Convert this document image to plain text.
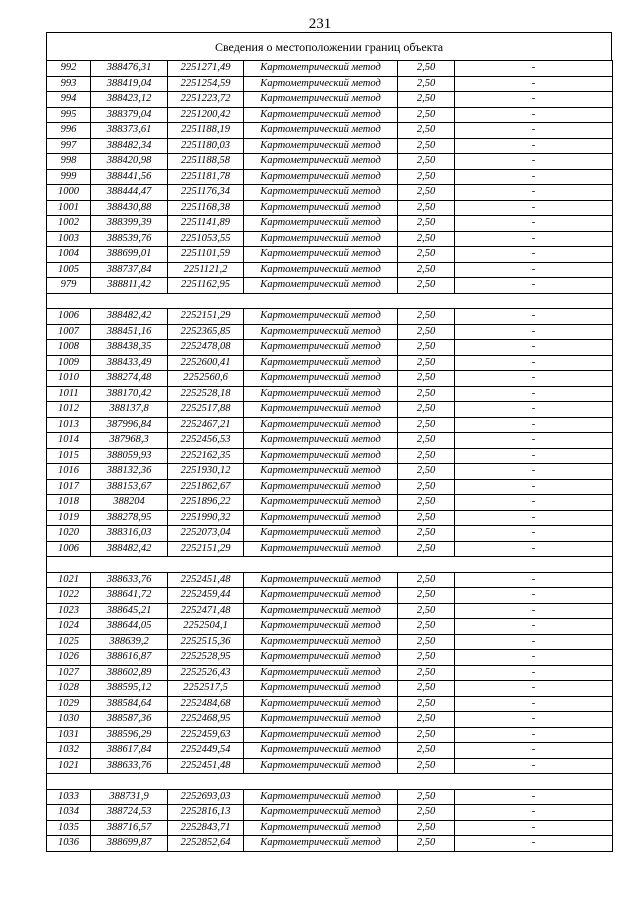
231
Сведения о местоположении границ объекта
992	388476,31	2251271,49	Картометрический метод	2,50	-
993	388419,04	2251254,59	Картометрический метод	2,50	-
994	388423,12	2251223,72	Картометрический метод	2,50	-
995	388379,04	2251200,42	Картометрический метод	2,50	-
996	388373,61	2251188,19	Картометрический метод	2,50	-
997	388482,34	2251180,03	Картометрический метод	2,50	-
998	388420,98	2251188,58	Картометрический метод	2,50	-
999	388441,56	2251181,78	Картометрический метод	2,50	-
1000	388444,47	2251176,34	Картометрический метод	2,50	-
1001	388430,88	2251168,38	Картометрический метод	2,50	-
1002	388399,39	2251141,89	Картометрический метод	2,50	-
1003	388539,76	2251053,55	Картометрический метод	2,50	-
1004	388699,01	2251101,59	Картометрический метод	2,50	-
1005	388737,84	2251121,2	Картометрический метод	2,50	-
979	388811,42	2251162,95	Картометрический метод	2,50	-

1006	388482,42	2252151,29	Картометрический метод	2,50	-
1007	388451,16	2252365,85	Картометрический метод	2,50	-
1008	388438,35	2252478,08	Картометрический метод	2,50	-
1009	388433,49	2252600,41	Картометрический метод	2,50	-
1010	388274,48	2252560,6	Картометрический метод	2,50	-
1011	388170,42	2252528,18	Картометрический метод	2,50	-
1012	388137,8	2252517,88	Картометрический метод	2,50	-
1013	387996,84	2252467,21	Картометрический метод	2,50	-
1014	387968,3	2252456,53	Картометрический метод	2,50	-
1015	388059,93	2252162,35	Картометрический метод	2,50	-
1016	388132,36	2251930,12	Картометрический метод	2,50	-
1017	388153,67	2251862,67	Картометрический метод	2,50	-
1018	388204	2251896,22	Картометрический метод	2,50	-
1019	388278,95	2251990,32	Картометрический метод	2,50	-
1020	388316,03	2252073,04	Картометрический метод	2,50	-
1006	388482,42	2252151,29	Картометрический метод	2,50	-

1021	388633,76	2252451,48	Картометрический метод	2,50	-
1022	388641,72	2252459,44	Картометрический метод	2,50	-
1023	388645,21	2252471,48	Картометрический метод	2,50	-
1024	388644,05	2252504,1	Картометрический метод	2,50	-
1025	388639,2	2252515,36	Картометрический метод	2,50	-
1026	388616,87	2252528,95	Картометрический метод	2,50	-
1027	388602,89	2252526,43	Картометрический метод	2,50	-
1028	388595,12	2252517,5	Картометрический метод	2,50	-
1029	388584,64	2252484,68	Картометрический метод	2,50	-
1030	388587,36	2252468,95	Картометрический метод	2,50	-
1031	388596,29	2252459,63	Картометрический метод	2,50	-
1032	388617,84	2252449,54	Картометрический метод	2,50	-
1021	388633,76	2252451,48	Картометрический метод	2,50	-

1033	388731,9	2252693,03	Картометрический метод	2,50	-
1034	388724,53	2252816,13	Картометрический метод	2,50	-
1035	388716,57	2252843,71	Картометрический метод	2,50	-
1036	388699,87	2252852,64	Картометрический метод	2,50	-
